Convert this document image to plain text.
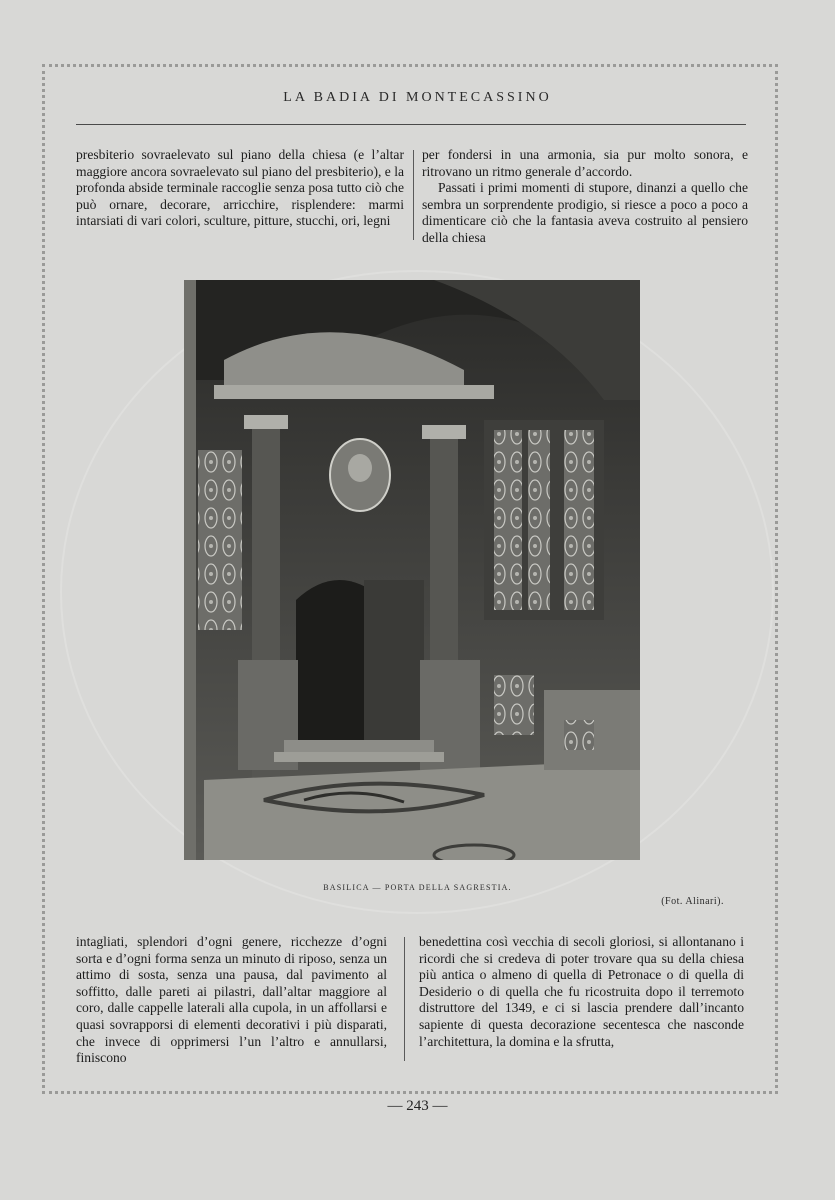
LA BADIA DI MONTECASSINO

presbiterio sovraelevato sul piano della chiesa (e l’altar maggiore ancora sovraelevato sul piano del presbiterio), e la profonda abside terminale raccoglie senza posa tutto ciò che può ornare, decorare, arricchire, risplendere: marmi intarsiati di vari colori, sculture, pitture, stucchi, ori, legni

per fondersi in una armonia, sia pur molto sonora, e ritrovano un ritmo generale d’accordo.

Passati i primi momenti di stupore, dinanzi a quello che sembra un sorprendente prodigio, si riesce a poco a poco a dimenticare ciò che la fantasia aveva costruito al pensiero della chiesa

BASILICA — PORTA DELLA SAGRESTIA.
(Fot. Alinari).

intagliati, splendori d’ogni genere, ricchezze d’ogni sorta e d’ogni forma senza un minuto di riposo, senza un attimo di sosta, senza una pausa, dal pavimento al soffitto, dalle pareti ai pilastri, dall’altar maggiore al coro, dalle cappelle laterali alla cupola, in un affollarsi e quasi sovrapporsi di elementi decorativi i più disparati, che invece di opprimersi l’un l’altro e annullarsi, finiscono

benedettina così vecchia di secoli gloriosi, si allontanano i ricordi che si credeva di poter trovare qua su della chiesa più antica o almeno di quella di Petronace o di quella di Desiderio o di quella che fu ricostruita dopo il terremoto distruttore del 1349, e ci si lascia prendere dall’incanto sapiente di questa decorazione secentesca che nasconde l’architettura, la domina e la sfrutta,

— 243 —
